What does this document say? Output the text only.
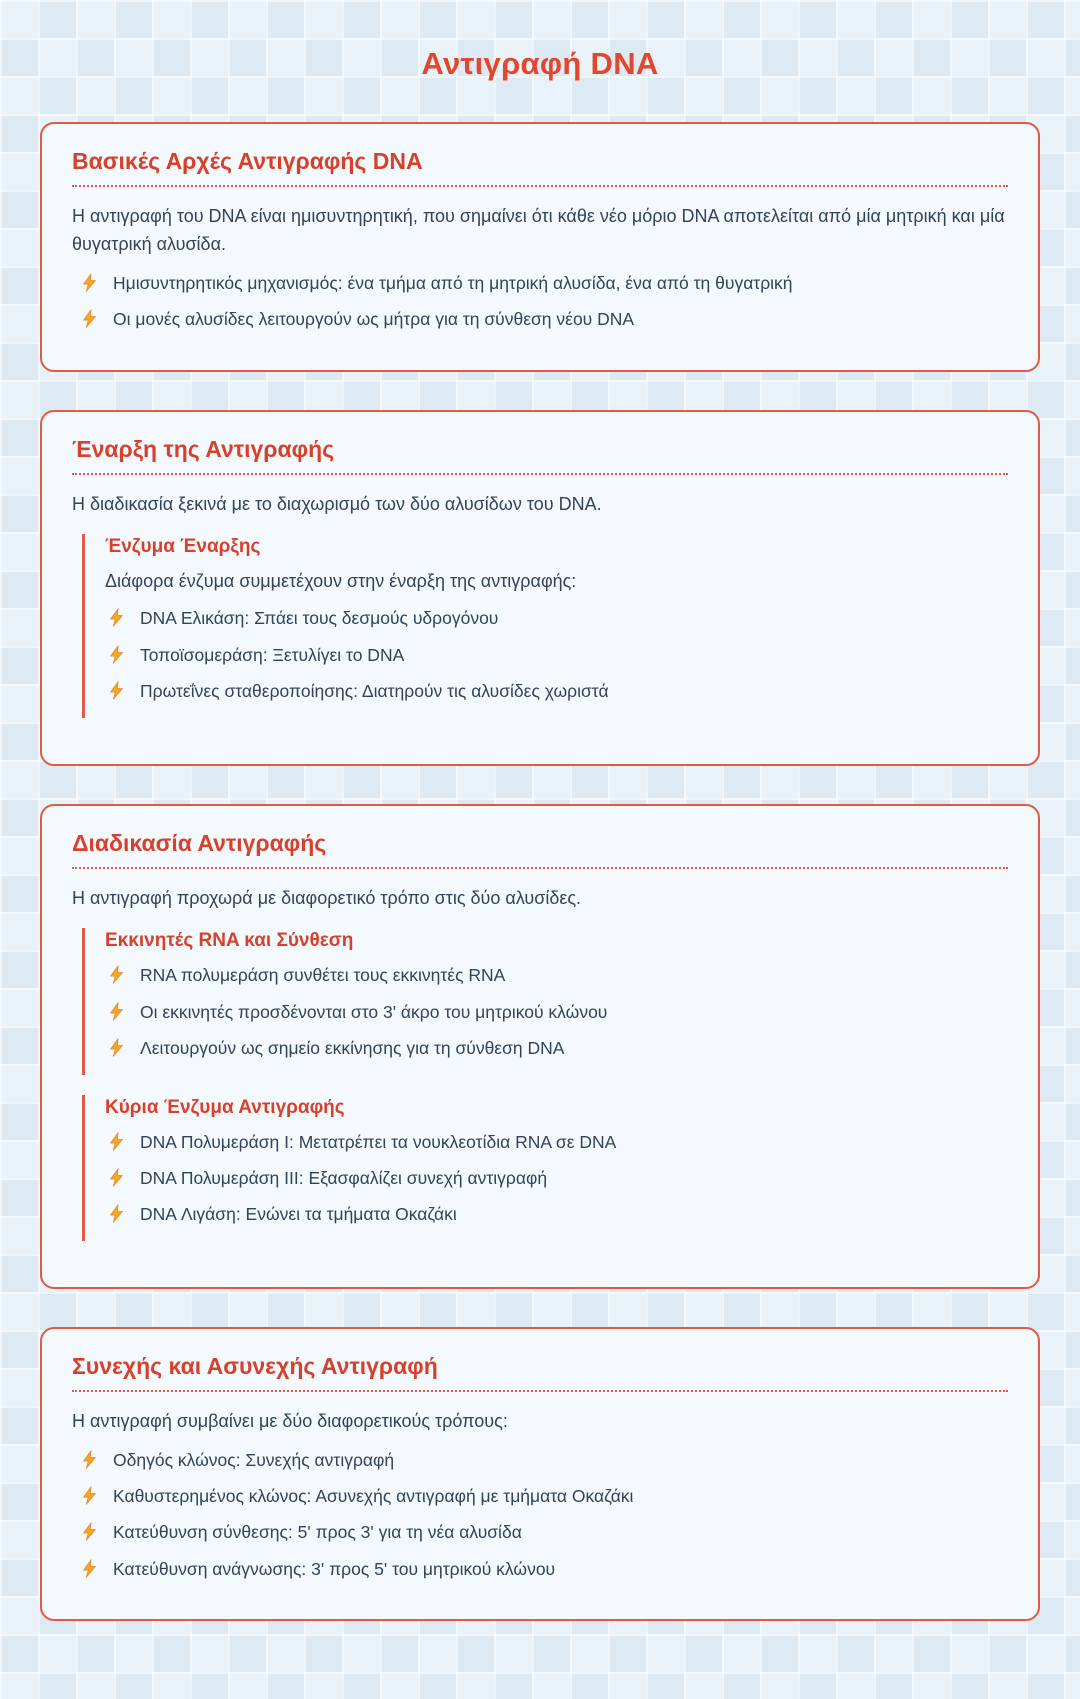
Αντιγραφή DNA
Βασικές Αρχές Αντιγραφής DNA

Η αντιγραφή του DNA είναι ημισυντηρητική, που σημαίνει ότι κάθε νέο μόριο DNA αποτελείται από μία μητρική και μία θυγατρική αλυσίδα.

Ημισυντηρητικός μηχανισμός: ένα τμήμα από τη μητρική αλυσίδα, ένα από τη θυγατρική
Οι μονές αλυσίδες λειτουργούν ως μήτρα για τη σύνθεση νέου DNA
Έναρξη της Αντιγραφής

Η διαδικασία ξεκινά με το διαχωρισμό των δύο αλυσίδων του DNA.

Ένζυμα Έναρξης

Διάφορα ένζυμα συμμετέχουν στην έναρξη της αντιγραφής:

DNA Ελικάση: Σπάει τους δεσμούς υδρογόνου
Τοποϊσομεράση: Ξετυλίγει το DNA
Πρωτεΐνες σταθεροποίησης: Διατηρούν τις αλυσίδες χωριστά
Διαδικασία Αντιγραφής

Η αντιγραφή προχωρά με διαφορετικό τρόπο στις δύο αλυσίδες.

Εκκινητές RNA και Σύνθεση
RNA πολυμεράση συνθέτει τους εκκινητές RNA
Οι εκκινητές προσδένονται στο 3' άκρο του μητρικού κλώνου
Λειτουργούν ως σημείο εκκίνησης για τη σύνθεση DNA
Κύρια Ένζυμα Αντιγραφής
DNA Πολυμεράση I: Μετατρέπει τα νουκλεοτίδια RNA σε DNA
DNA Πολυμεράση III: Εξασφαλίζει συνεχή αντιγραφή
DNA Λιγάση: Ενώνει τα τμήματα Οκαζάκι
Συνεχής και Ασυνεχής Αντιγραφή

Η αντιγραφή συμβαίνει με δύο διαφορετικούς τρόπους:

Οδηγός κλώνος: Συνεχής αντιγραφή
Καθυστερημένος κλώνος: Ασυνεχής αντιγραφή με τμήματα Οκαζάκι
Κατεύθυνση σύνθεσης: 5' προς 3' για τη νέα αλυσίδα
Κατεύθυνση ανάγνωσης: 3' προς 5' του μητρικού κλώνου
